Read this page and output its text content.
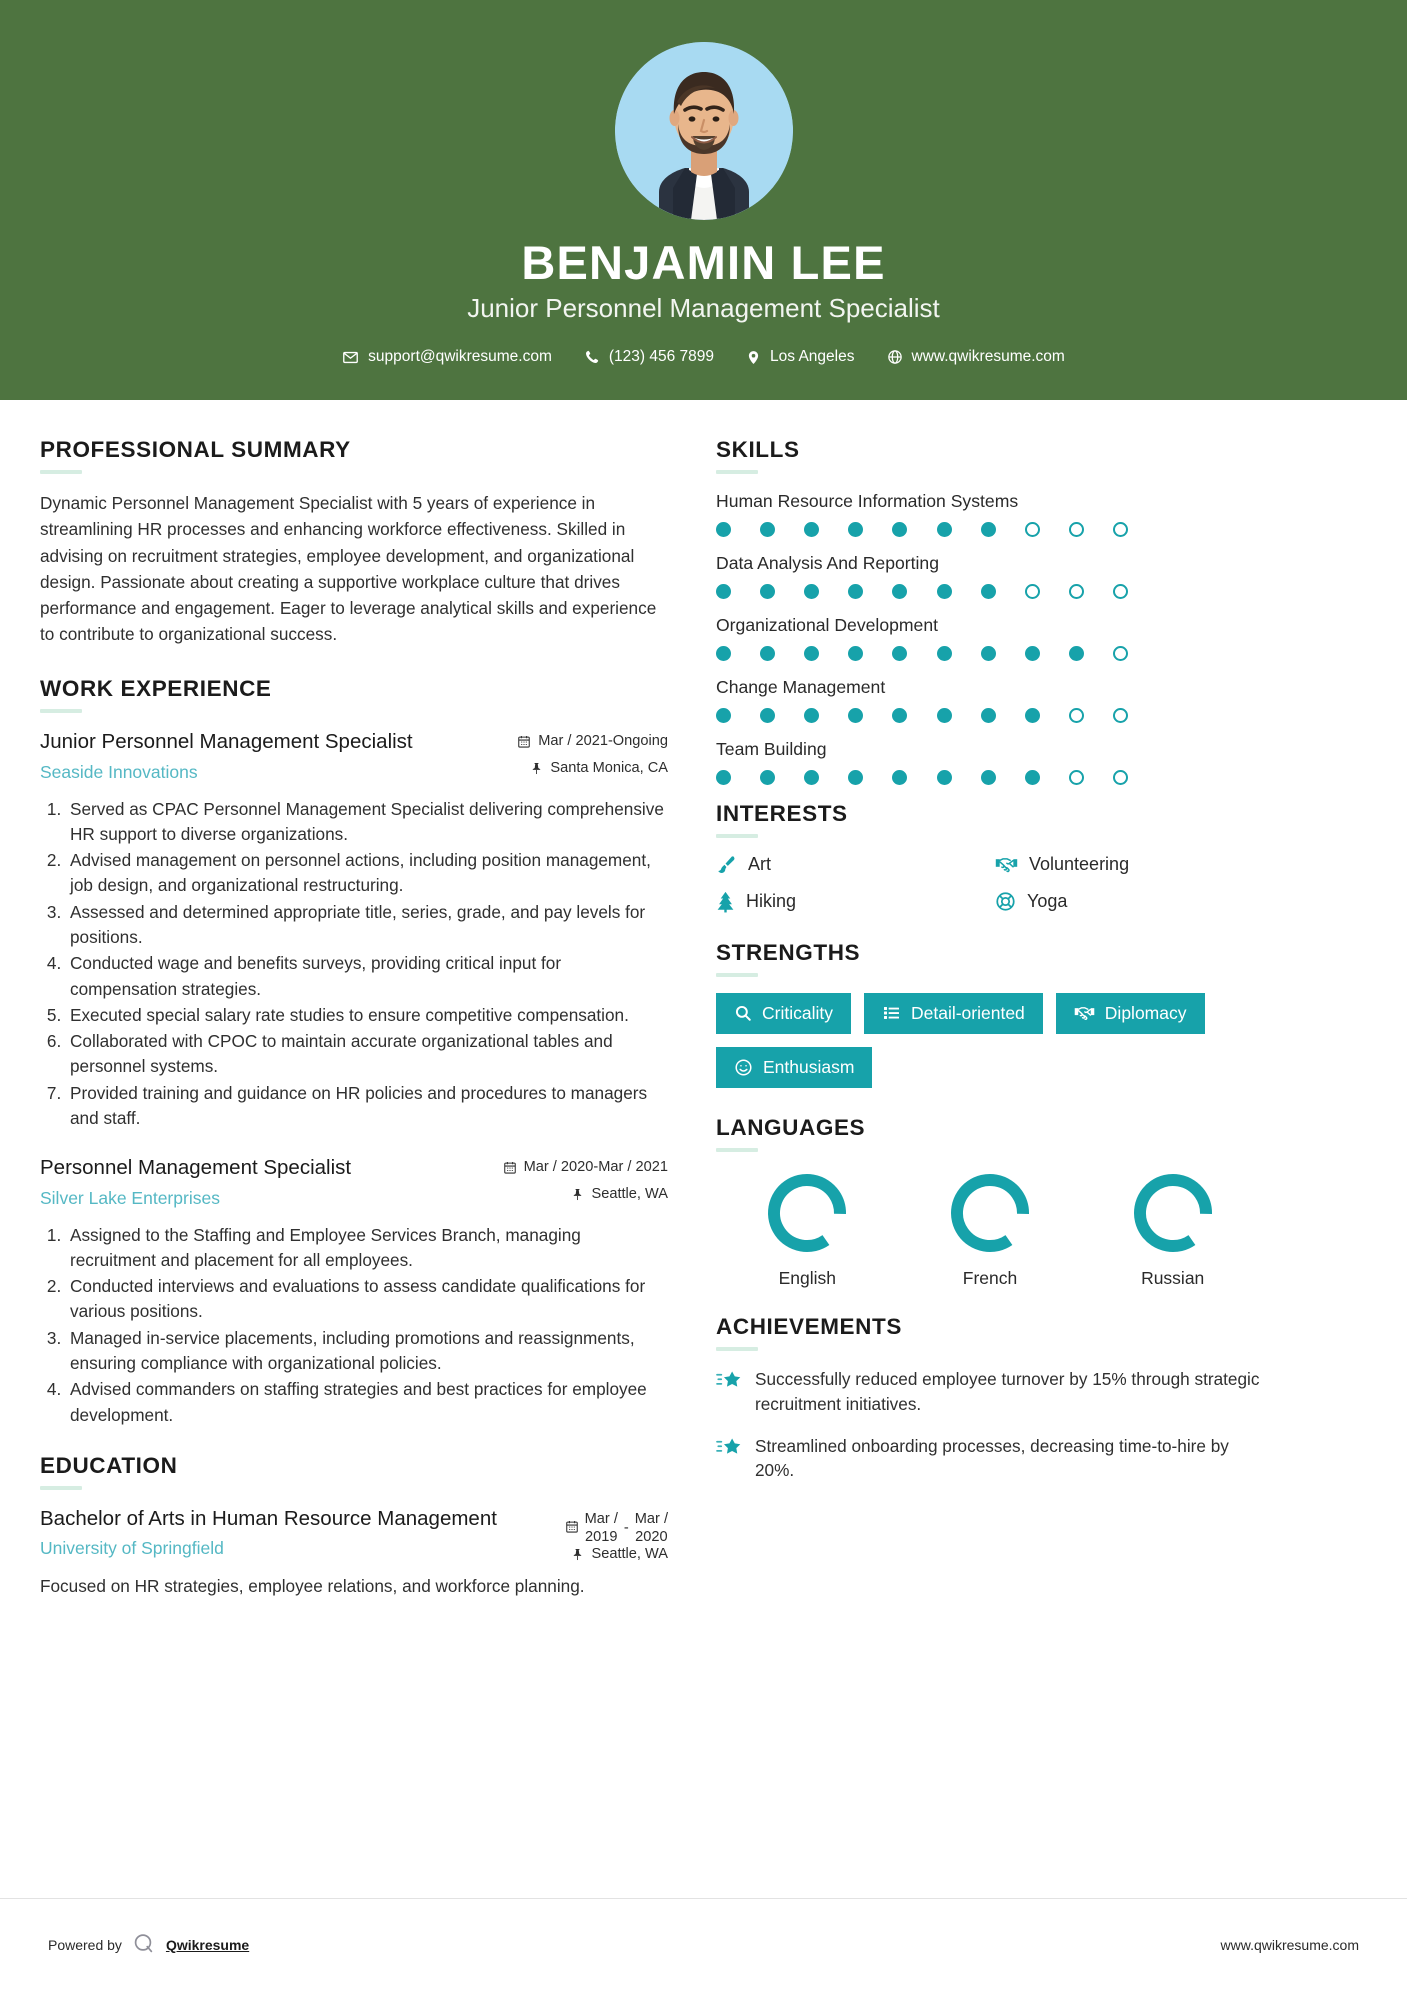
BENJAMIN LEE
Junior Personnel Management Specialist
support@qwikresume.com	(123) 456 7899	Los Angeles	www.qwikresume.com
PROFESSIONAL SUMMARY
Dynamic Personnel Management Specialist with 5 years of experience in streamlining HR processes and enhancing workforce effectiveness. Skilled in advising on recruitment strategies, employee development, and organizational design. Passionate about creating a supportive workplace culture that drives performance and engagement. Eager to leverage analytical skills and experience to contribute to organizational success.
WORK EXPERIENCE
Junior Personnel Management Specialist
Seaside Innovations
Mar / 2021-Ongoing
Santa Monica, CA
1. Served as CPAC Personnel Management Specialist delivering comprehensive HR support to diverse organizations.
2. Advised management on personnel actions, including position management, job design, and organizational restructuring.
3. Assessed and determined appropriate title, series, grade, and pay levels for positions.
4. Conducted wage and benefits surveys, providing critical input for compensation strategies.
5. Executed special salary rate studies to ensure competitive compensation.
6. Collaborated with CPOC to maintain accurate organizational tables and personnel systems.
7. Provided training and guidance on HR policies and procedures to managers and staff.
Personnel Management Specialist
Silver Lake Enterprises
Mar / 2020-Mar / 2021
Seattle, WA
1. Assigned to the Staffing and Employee Services Branch, managing recruitment and placement for all employees.
2. Conducted interviews and evaluations to assess candidate qualifications for various positions.
3. Managed in-service placements, including promotions and reassignments, ensuring compliance with organizational policies.
4. Advised commanders on staffing strategies and best practices for employee development.
EDUCATION
Bachelor of Arts in Human Resource Management
University of Springfield
Mar /
2019
-
Mar /
2020
Seattle, WA
Focused on HR strategies, employee relations, and workforce planning.
SKILLS
Human Resource Information Systems
Data Analysis And Reporting
Organizational Development
Change Management
Team Building
INTERESTS
Art	Volunteering
Hiking	Yoga
STRENGTHS
Criticality	Detail-oriented	Diplomacy
Enthusiasm
LANGUAGES
English	French	Russian
ACHIEVEMENTS
Successfully reduced employee turnover by 15% through strategic recruitment initiatives.
Streamlined onboarding processes, decreasing time-to-hire by 20%.
Powered by	Qwikresume	www.qwikresume.com
